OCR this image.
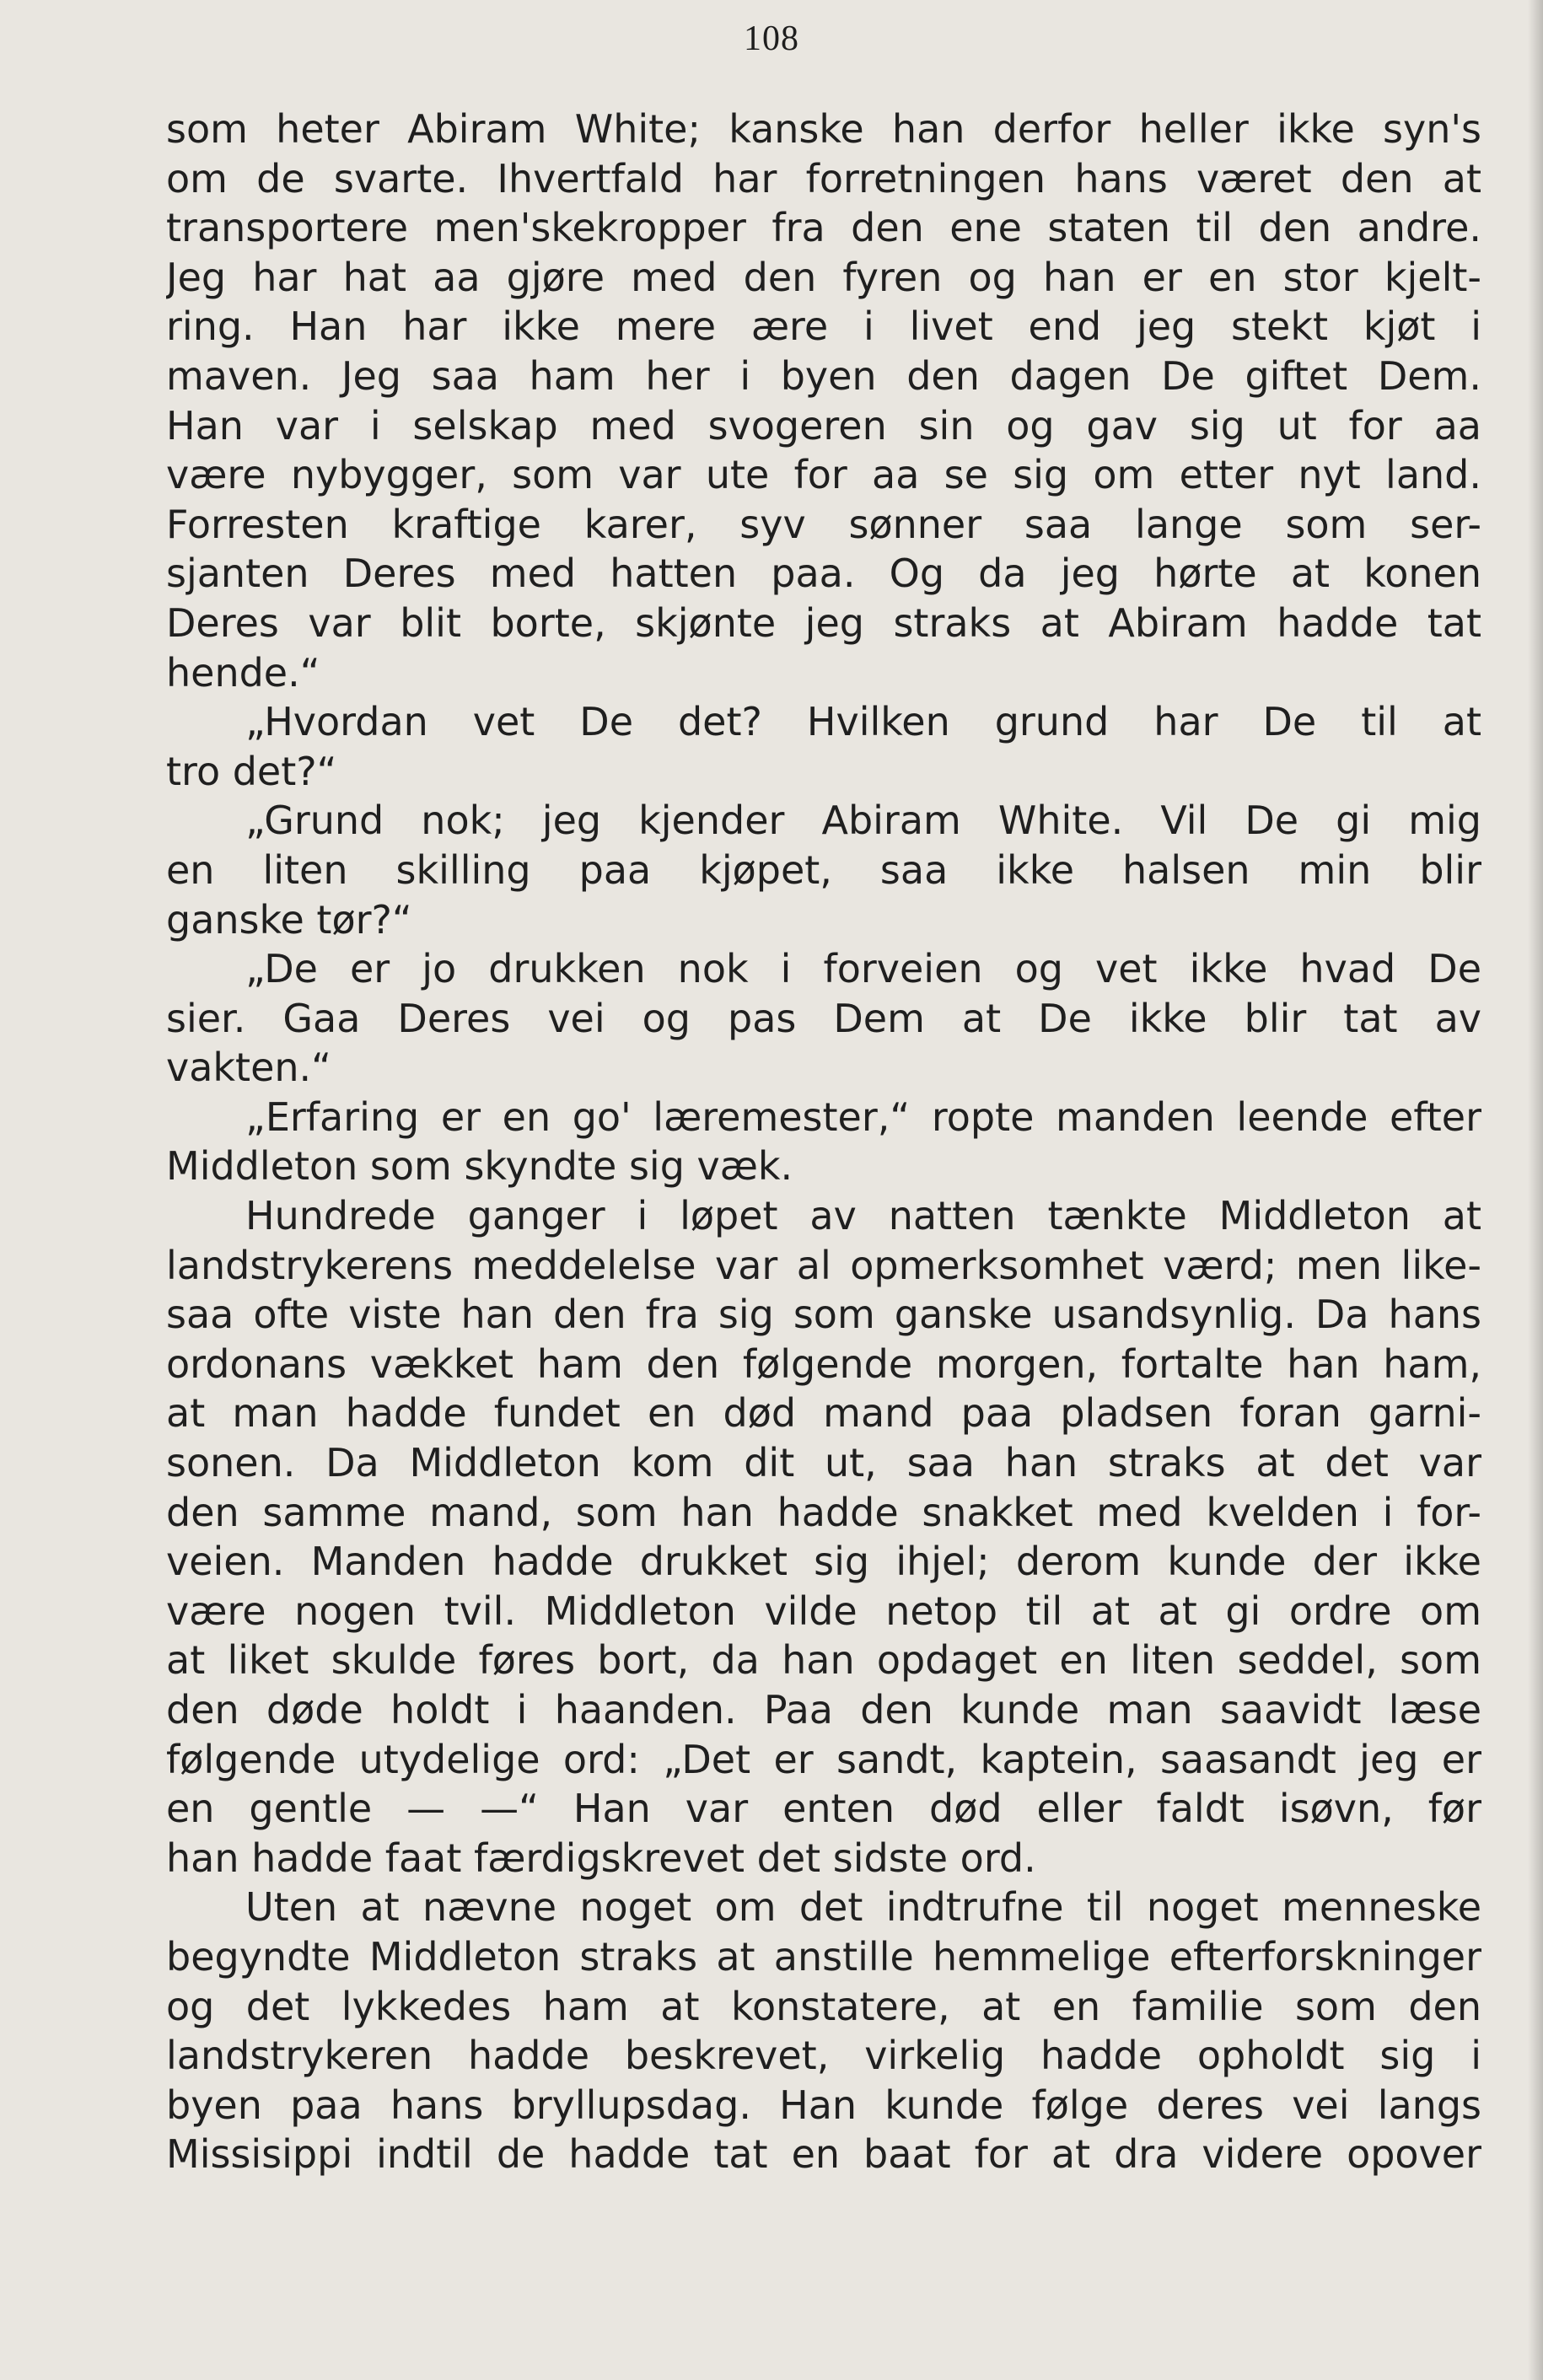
108
som heter Abiram White; kanske han derfor heller ikke syn's
om de svarte. Ihvertfald har forretningen hans været den at
transportere men'skekropper fra den ene staten til den andre.
Jeg har hat aa gjøre med den fyren og han er en stor kjelt-
ring. Han har ikke mere ære i livet end jeg stekt kjøt i
maven. Jeg saa ham her i byen den dagen De giftet Dem.
Han var i selskap med svogeren sin og gav sig ut for aa
være nybygger, som var ute for aa se sig om etter nyt land.
Forresten kraftige karer, syv sønner saa lange som ser-
sjanten Deres med hatten paa. Og da jeg hørte at konen
Deres var blit borte, skjønte jeg straks at Abiram hadde tat
hende.“
„Hvordan vet De det? Hvilken grund har De til at
tro det?“
„Grund nok; jeg kjender Abiram White. Vil De gi mig
en liten skilling paa kjøpet, saa ikke halsen min blir
ganske tør?“
„De er jo drukken nok i forveien og vet ikke hvad De
sier. Gaa Deres vei og pas Dem at De ikke blir tat av
vakten.“
„Erfaring er en go' læremester,“ ropte manden leende efter
Middleton som skyndte sig væk.
Hundrede ganger i løpet av natten tænkte Middleton at
landstrykerens meddelelse var al opmerksomhet værd; men like-
saa ofte viste han den fra sig som ganske usandsynlig. Da hans
ordonans vækket ham den følgende morgen, fortalte han ham,
at man hadde fundet en død mand paa pladsen foran garni-
sonen. Da Middleton kom dit ut, saa han straks at det var
den samme mand, som han hadde snakket med kvelden i for-
veien. Manden hadde drukket sig ihjel; derom kunde der ikke
være nogen tvil. Middleton vilde netop til at at gi ordre om
at liket skulde føres bort, da han opdaget en liten seddel, som
den døde holdt i haanden. Paa den kunde man saavidt læse
følgende utydelige ord: „Det er sandt, kaptein, saasandt jeg er
en gentle — —“ Han var enten død eller faldt isøvn, før
han hadde faat færdigskrevet det sidste ord.
Uten at nævne noget om det indtrufne til noget menneske
begyndte Middleton straks at anstille hemmelige efterforskninger
og det lykkedes ham at konstatere, at en familie som den
landstrykeren hadde beskrevet, virkelig hadde opholdt sig i
byen paa hans bryllupsdag. Han kunde følge deres vei langs
Missisippi indtil de hadde tat en baat for at dra videre opover
